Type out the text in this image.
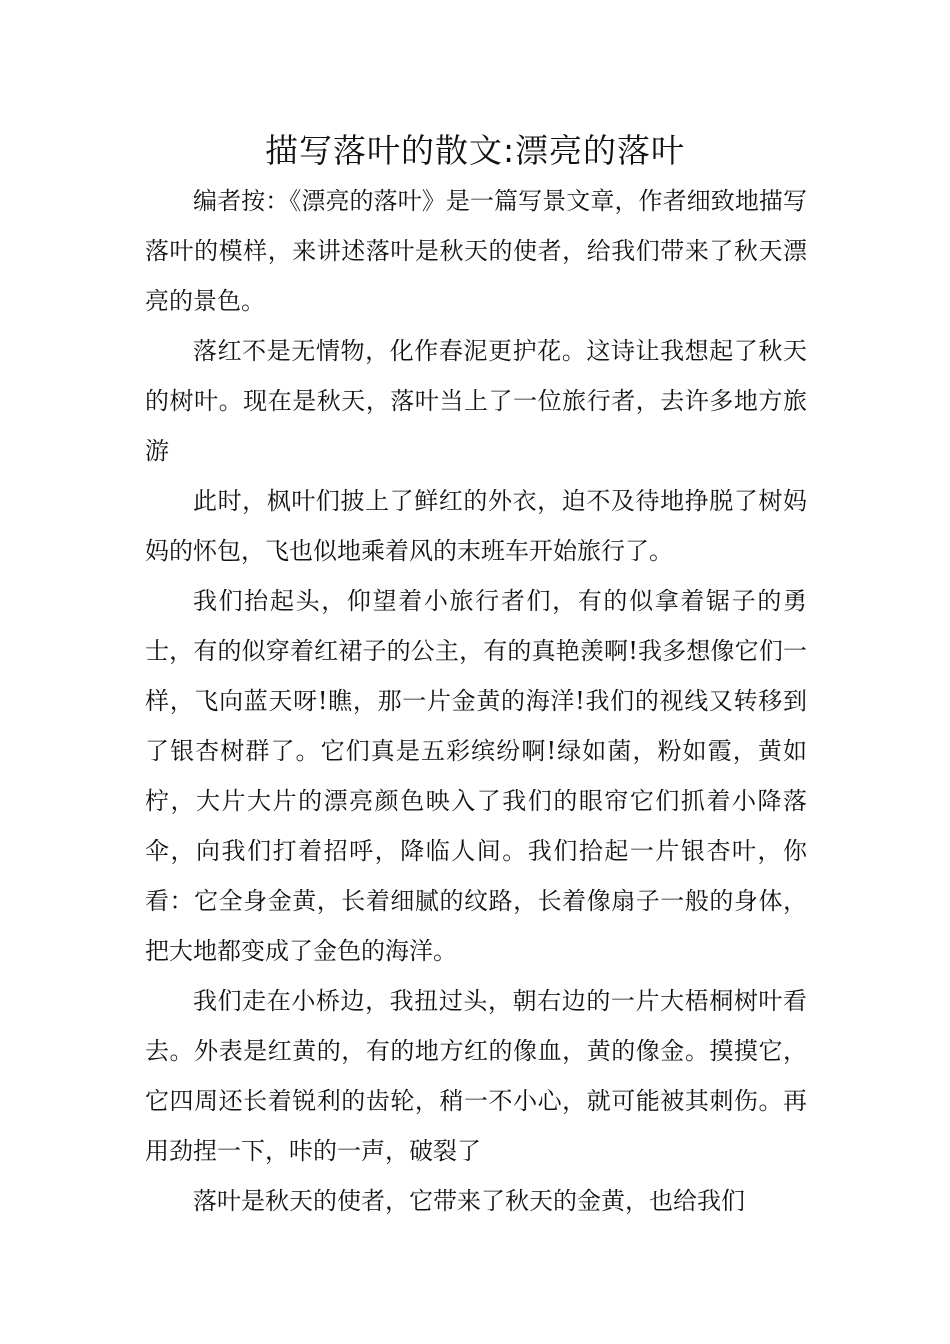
描写落叶的散文:漂亮的落叶

编者按：《漂亮的落叶》是一篇写景文章，作者细致地描写落叶的模样，来讲述落叶是秋天的使者，给我们带来了秋天漂亮的景色。

落红不是无情物，化作春泥更护花。这诗让我想起了秋天的树叶。现在是秋天，落叶当上了一位旅行者，去许多地方旅游

此时，枫叶们披上了鲜红的外衣，迫不及待地挣脱了树妈妈的怀包，飞也似地乘着风的末班车开始旅行了。

我们抬起头，仰望着小旅行者们，有的似拿着锯子的勇士，有的似穿着红裙子的公主，有的真艳羡啊!我多想像它们一样，飞向蓝天呀!瞧，那一片金黄的海洋!我们的视线又转移到了银杏树群了。它们真是五彩缤纷啊!绿如菌，粉如霞，黄如柠，大片大片的漂亮颜色映入了我们的眼帘它们抓着小降落伞，向我们打着招呼，降临人间。我们拾起一片银杏叶，你看：它全身金黄，长着细腻的纹路，长着像扇子一般的身体，把大地都变成了金色的海洋。

我们走在小桥边，我扭过头，朝右边的一片大梧桐树叶看去。外表是红黄的，有的地方红的像血，黄的像金。摸摸它，它四周还长着锐利的齿轮，稍一不小心，就可能被其刺伤。再用劲捏一下，咔的一声，破裂了

落叶是秋天的使者，它带来了秋天的金黄，也给我们
